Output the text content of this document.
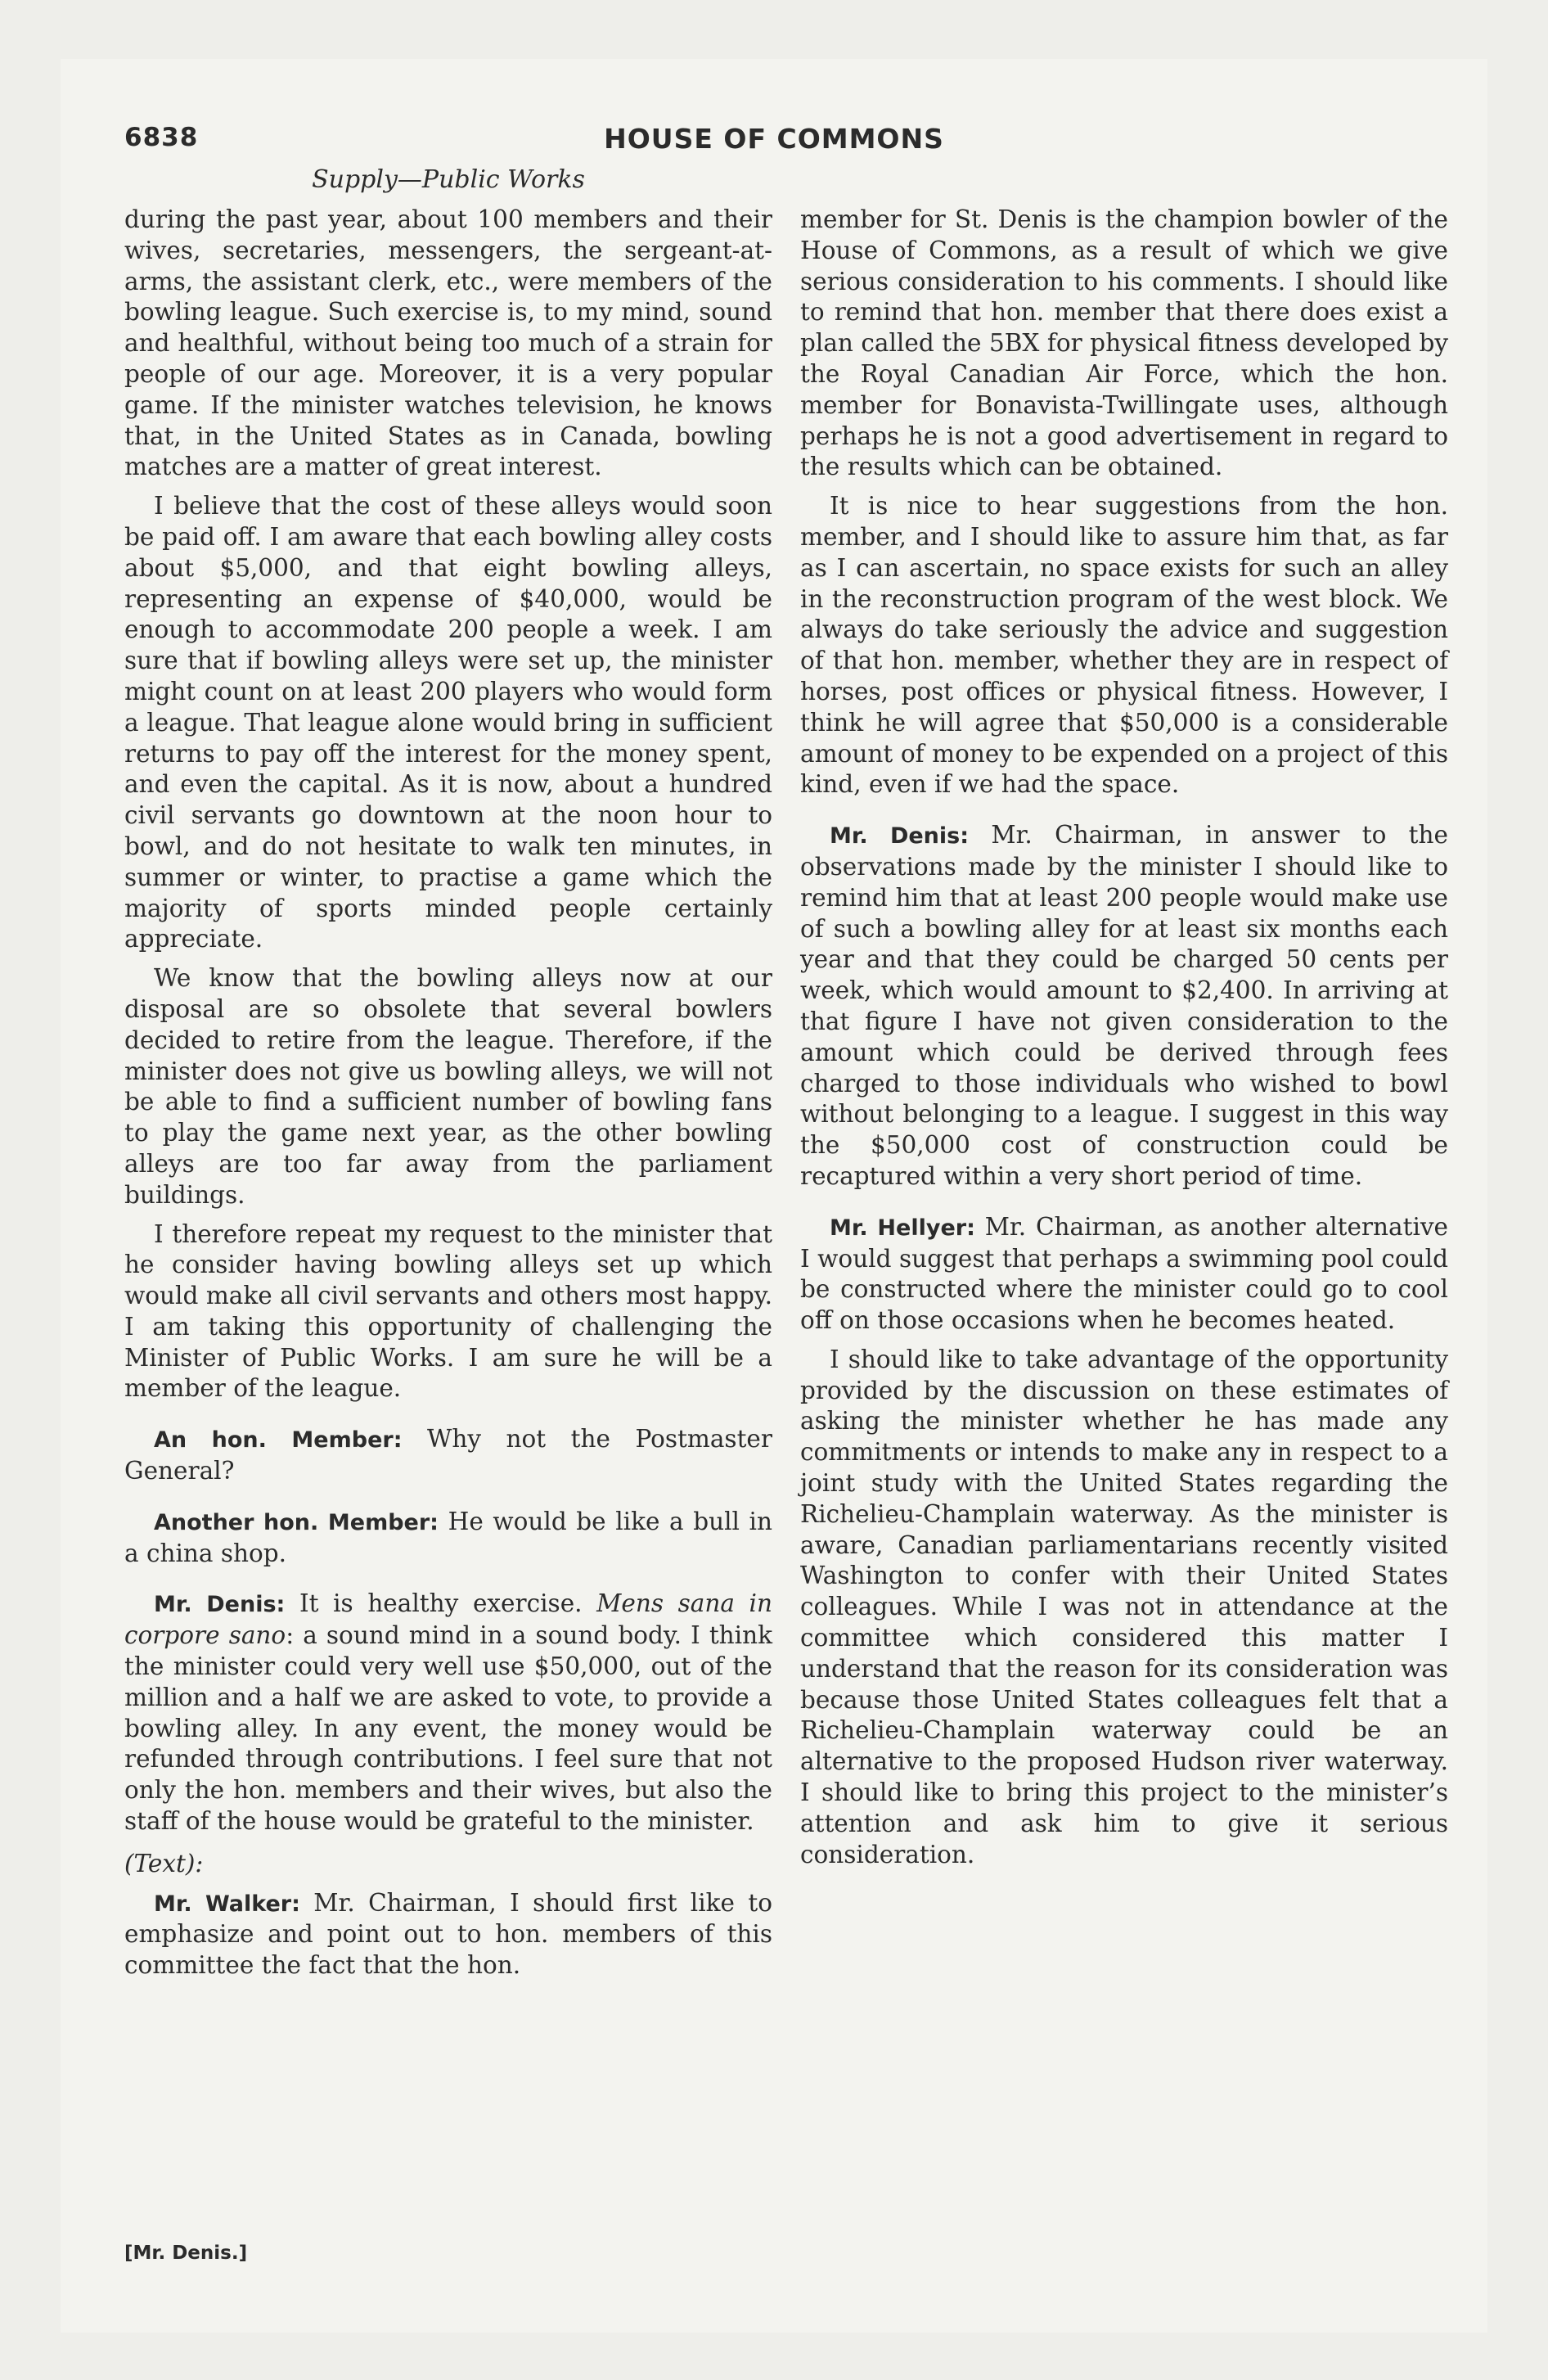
6838	HOUSE OF COMMONS

Supply—Public Works

during the past year, about 100 members and their wives, secretaries, messengers, the sergeant-at-arms, the assistant clerk, etc., were members of the bowling league. Such exercise is, to my mind, sound and healthful, without being too much of a strain for people of our age. Moreover, it is a very popular game. If the minister watches television, he knows that, in the United States as in Canada, bowling matches are a matter of great interest.

I believe that the cost of these alleys would soon be paid off. I am aware that each bowling alley costs about $5,000, and that eight bowling alleys, representing an expense of $40,000, would be enough to accommodate 200 people a week. I am sure that if bowling alleys were set up, the minister might count on at least 200 players who would form a league. That league alone would bring in sufficient returns to pay off the interest for the money spent, and even the capital. As it is now, about a hundred civil servants go downtown at the noon hour to bowl, and do not hesitate to walk ten minutes, in summer or winter, to practise a game which the majority of sports minded people certainly appreciate.

We know that the bowling alleys now at our disposal are so obsolete that several bowlers decided to retire from the league. Therefore, if the minister does not give us bowling alleys, we will not be able to find a sufficient number of bowling fans to play the game next year, as the other bowling alleys are too far away from the parliament buildings.

I therefore repeat my request to the minister that he consider having bowling alleys set up which would make all civil servants and others most happy. I am taking this opportunity of challenging the Minister of Public Works. I am sure he will be a member of the league.

An hon. Member: Why not the Postmaster General?

Another hon. Member: He would be like a bull in a china shop.

Mr. Denis: It is healthy exercise. Mens sana in corpore sano: a sound mind in a sound body. I think the minister could very well use $50,000, out of the million and a half we are asked to vote, to provide a bowling alley. In any event, the money would be refunded through contributions. I feel sure that not only the hon. members and their wives, but also the staff of the house would be grateful to the minister.

(Text):

Mr. Walker: Mr. Chairman, I should first like to emphasize and point out to hon. members of this committee the fact that the hon.

member for St. Denis is the champion bowler of the House of Commons, as a result of which we give serious consideration to his comments. I should like to remind that hon. member that there does exist a plan called the 5BX for physical fitness developed by the Royal Canadian Air Force, which the hon. member for Bonavista-Twillingate uses, although perhaps he is not a good advertisement in regard to the results which can be obtained.

It is nice to hear suggestions from the hon. member, and I should like to assure him that, as far as I can ascertain, no space exists for such an alley in the reconstruction program of the west block. We always do take seriously the advice and suggestion of that hon. member, whether they are in respect of horses, post offices or physical fitness. However, I think he will agree that $50,000 is a considerable amount of money to be expended on a project of this kind, even if we had the space.

Mr. Denis: Mr. Chairman, in answer to the observations made by the minister I should like to remind him that at least 200 people would make use of such a bowling alley for at least six months each year and that they could be charged 50 cents per week, which would amount to $2,400. In arriving at that figure I have not given consideration to the amount which could be derived through fees charged to those individuals who wished to bowl without belonging to a league. I suggest in this way the $50,000 cost of construction could be recaptured within a very short period of time.

Mr. Hellyer: Mr. Chairman, as another alternative I would suggest that perhaps a swimming pool could be constructed where the minister could go to cool off on those occasions when he becomes heated.

I should like to take advantage of the opportunity provided by the discussion on these estimates of asking the minister whether he has made any commitments or intends to make any in respect to a joint study with the United States regarding the Richelieu-Champlain waterway. As the minister is aware, Canadian parliamentarians recently visited Washington to confer with their United States colleagues. While I was not in attendance at the committee which considered this matter I understand that the reason for its consideration was because those United States colleagues felt that a Richelieu-Champlain waterway could be an alternative to the proposed Hudson river waterway. I should like to bring this project to the minister’s attention and ask him to give it serious consideration.

[Mr. Denis.]
